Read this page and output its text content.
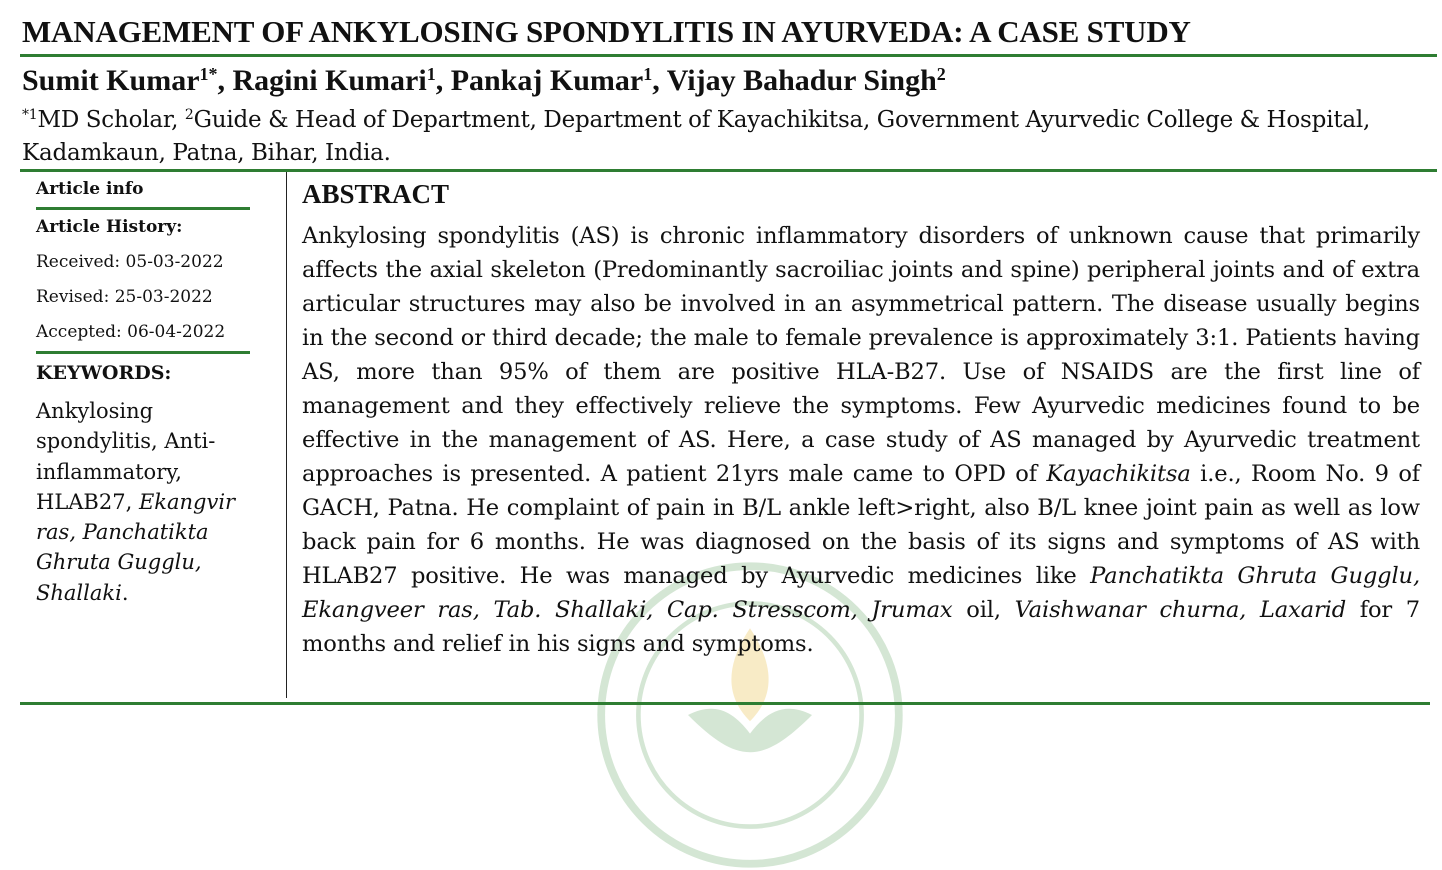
MANAGEMENT OF ANKYLOSING SPONDYLITIS IN AYURVEDA: A CASE STUDY

Sumit Kumar$^{1*}$, Ragini Kumari$^1$, Pankaj Kumar$^1$, Vijay Bahadur Singh$^2$

$^{*1}$MD Scholar, $^2$Guide & Head of Department, Department of Kayachikitsa, Government Ayurvedic College & Hospital, Kadamkaun, Patna, Bihar, India.

Article info

Article History:

Received: 05-03-2022

Revised: 25-03-2022

Accepted: 06-04-2022

KEYWORDS:

Ankylosing spondylitis, Anti-inflammatory, HLAB27, Ekangvir ras, Panchatikta Ghruta Gugglu, Shallaki.

ABSTRACT

Ankylosing spondylitis (AS) is chronic inflammatory disorders of unknown cause that primarily affects the axial skeleton (Predominantly sacroiliac joints and spine) peripheral joints and of extra articular structures may also be involved in an asymmetrical pattern. The disease usually begins in the second or third decade; the male to female prevalence is approximately 3:1. Patients having AS, more than 95% of them are positive HLA-B27. Use of NSAIDS are the first line of management and they effectively relieve the symptoms. Few Ayurvedic medicines found to be effective in the management of AS. Here, a case study of AS managed by Ayurvedic treatment approaches is presented. A patient 21yrs male came to OPD of Kayachikitsa i.e., Room No. 9 of GACH, Patna. He complaint of pain in B/L ankle left>right, also B/L knee joint pain as well as low back pain for 6 months. He was diagnosed on the basis of its signs and symptoms of AS with HLAB27 positive. He was managed by Ayurvedic medicines like Panchatikta Ghruta Gugglu, Ekangveer ras, Tab. Shallaki, Cap. Stresscom, Jrumax oil, Vaishwanar churna, Laxarid for 7 months and relief in his signs and symptoms.
